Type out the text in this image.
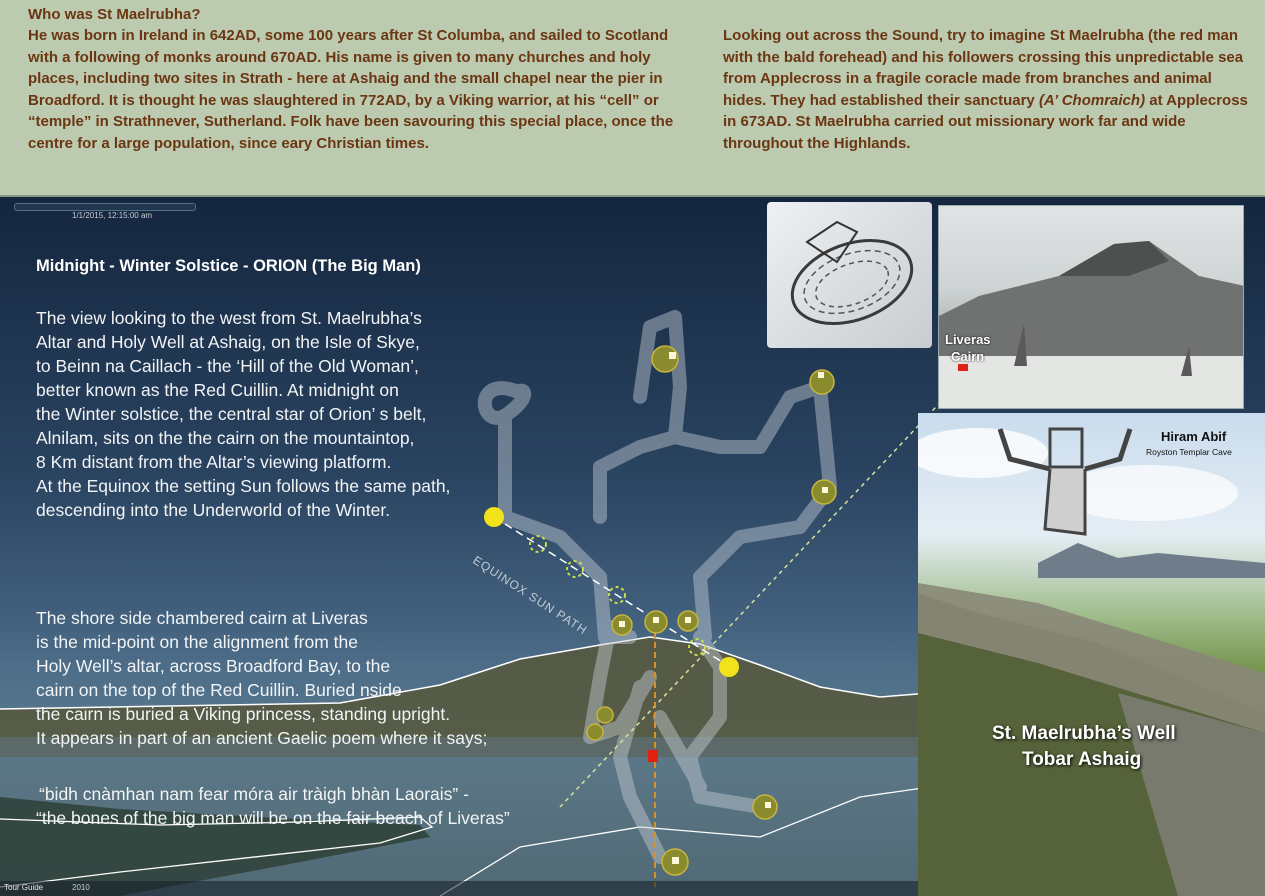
Who was St Maelrubha?

He was born in Ireland in 642AD, some 100 years after St Columba, and sailed to Scotland with a following of monks around 670AD. His name is given to many churches and holy places, including two sites in Strath - here at Ashaig and the small chapel near the pier in Broadford. It is thought he was slaughtered in 772AD, by a Viking warrior, at his “cell” or “temple” in Strathnever, Sutherland. Folk have been savouring this special place, once the centre for a large population, since eary Christian times.

Looking out across the Sound, try to imagine St Maelrubha (the red man with the bald forehead) and his followers crossing this unpredictable sea from Applecross in a fragile coracle made from branches and animal hides. They had established their sanctuary (A’ Chomraich) at Applecross in 673AD. St Maelrubha carried out missionary work far and wide throughout the Highlands.

1/1/2015, 12:15:00 am
EQUINOX SUN PATH
Midnight - Winter Solstice - ORION (The Big Man)
The view looking to the west from St. Maelrubha’s
Altar and Holy Well at Ashaig, on the Isle of Skye,
to Beinn na Caillach - the ‘Hill of the Old Woman’,
better known as the Red Cuillin. At midnight on
the Winter solstice, the central star of Orion’ s belt,
Alnilam, sits on the the cairn on the mountaintop,
8 Km distant from the Altar’s viewing platform.
At the Equinox the setting Sun follows the same path,
descending into the Underworld of the Winter.
The shore side chambered cairn at Liveras
is the mid-point on the alignment from the
Holy Well’s altar, across Broadford Bay, to the
cairn on the top of the Red Cuillin. Buried nside
the cairn is buried a Viking princess, standing upright.
It appears in part of an ancient Gaelic poem where it says;
“bidh cnàmhan nam fear móra air tràigh bhàn Laorais” -
“the bones of the big man will be on the fair beach of Liveras”
Liveras
Cairn
Hiram Abif
Royston Templar Cave
St. Maelrubha’s Well
Tobar Ashaig
Tour Guide	2010
